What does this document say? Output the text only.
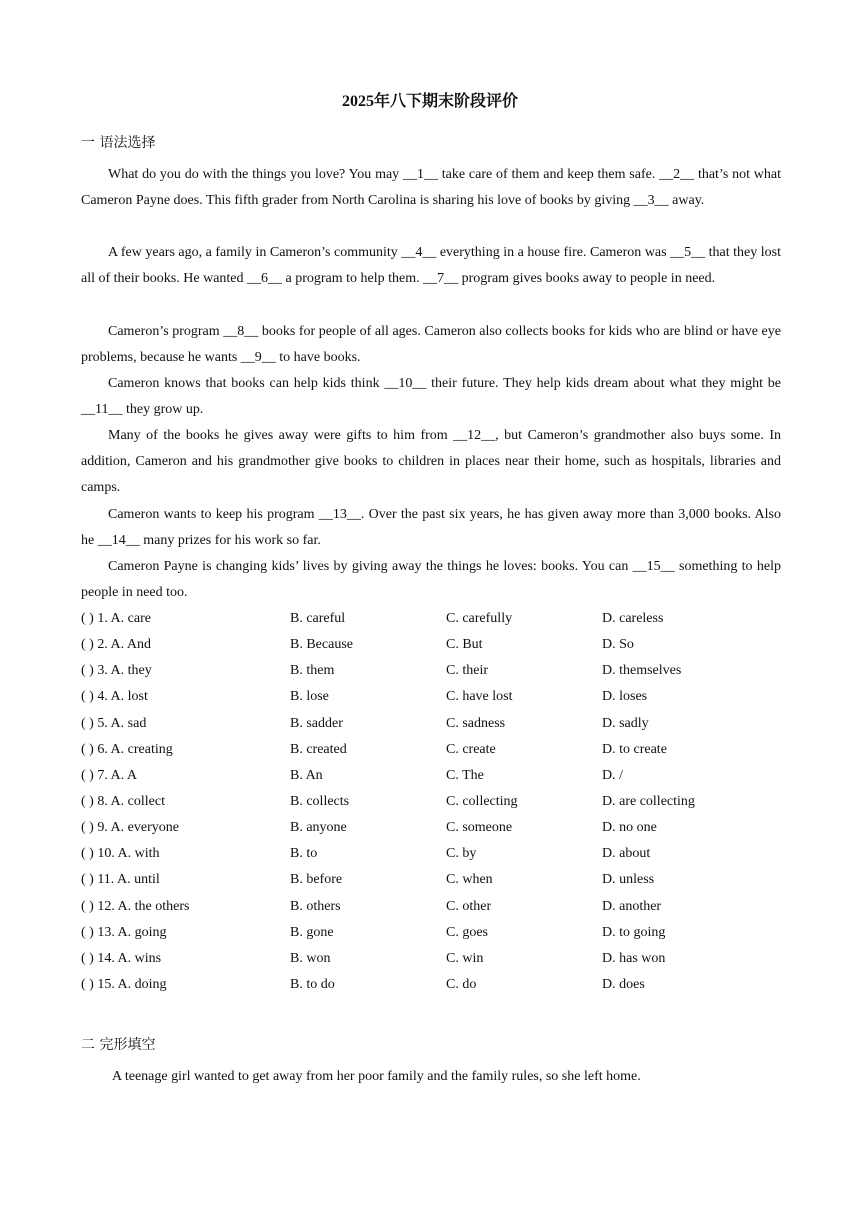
2025年八下期末阶段评价
一 语法选择

What do you do with the things you love? You may __1__ take care of them and keep them safe. __2__ that’s not what Cameron Payne does. This fifth grader from North Carolina is sharing his love of books by giving __3__ away.

A few years ago, a family in Cameron’s community __4__ everything in a house fire. Cameron was __5__ that they lost all of their books. He wanted __6__ a program to help them. __7__ program gives books away to people in need.

Cameron’s program __8__ books for people of all ages. Cameron also collects books for kids who are blind or have eye problems, because he wants __9__ to have books.

Cameron knows that books can help kids think __10__ their future. They help kids dream about what they might be __11__ they grow up.

Many of the books he gives away were gifts to him from __12__, but Cameron’s grandmother also buys some. In addition, Cameron and his grandmother give books to children in places near their home, such as hospitals, libraries and camps.

Cameron wants to keep his program __13__. Over the past six years, he has given away more than 3,000 books. Also he __14__ many prizes for his work so far.

Cameron Payne is changing kids’ lives by giving away the things he loves: books. You can __15__ something to help people in need too.

( ) 1. A. care	B. careful	C. carefully	D. careless
( ) 2. A. And	B. Because	C. But	D. So
( ) 3. A. they	B. them	C. their	D. themselves
( ) 4. A. lost	B. lose	C. have lost	D. loses
( ) 5. A. sad	B. sadder	C. sadness	D. sadly
( ) 6. A. creating	B. created	C. create	D. to create
( ) 7. A. A	B. An	C. The	D. /
( ) 8. A. collect	B. collects	C. collecting	D. are collecting
( ) 9. A. everyone	B. anyone	C. someone	D. no one
( ) 10. A. with	B. to	C. by	D. about
( ) 11. A. until	B. before	C. when	D. unless
( ) 12. A. the others	B. others	C. other	D. another
( ) 13. A. going	B. gone	C. goes	D. to going
( ) 14. A. wins	B. won	C. win	D. has won
( ) 15. A. doing	B. to do	C. do	D. does
二 完形填空

A teenage girl wanted to get away from her poor family and the family rules, so she left home.
